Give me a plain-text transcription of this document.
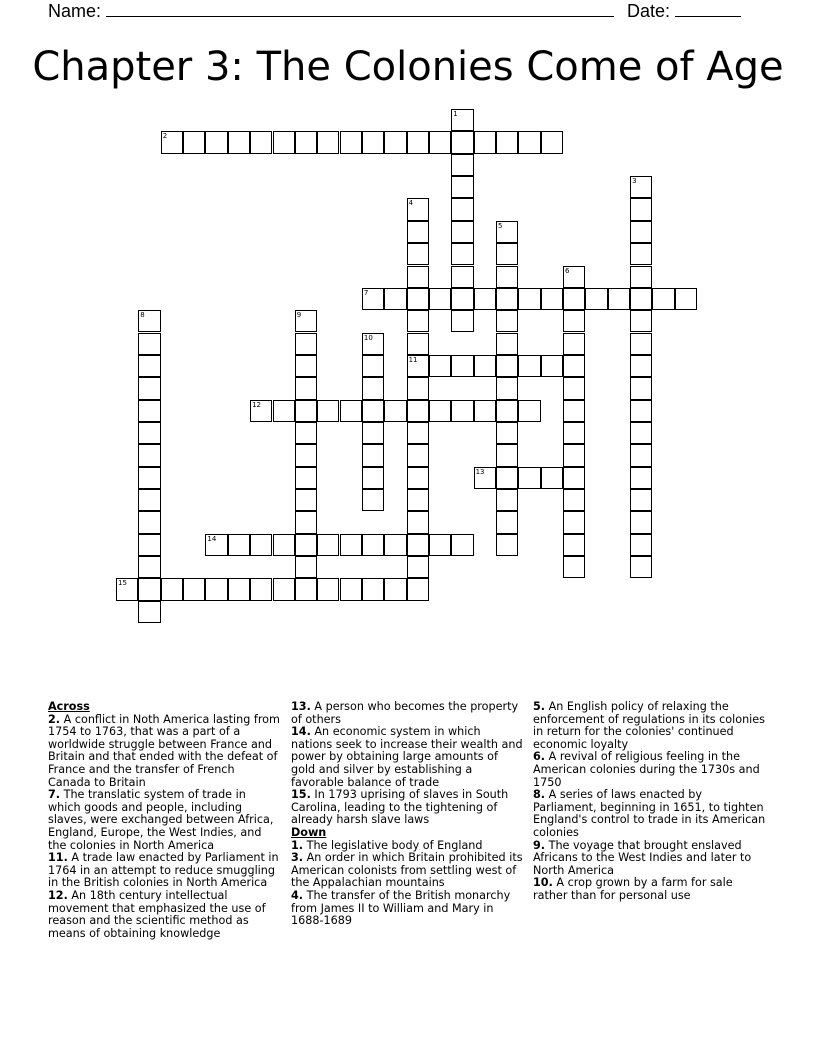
Name:	Date:
Chapter 3: The Colonies Come of Age
1
2
3
4
11
5
6
7
8	9
10
12
13
14
15
Across

2. A conflict in Noth America lasting from 1754 to 1763, that was a part of a worldwide struggle between France and Britain and that ended with the defeat of France and the transfer of French Canada to Britain

7. The translatic system of trade in which goods and people, including slaves, were exchanged between Africa, England, Europe, the West Indies, and the colonies in North America

11. A trade law enacted by Parliament in 1764 in an attempt to reduce smuggling in the British colonies in North America

12. An 18th century intellectual movement that emphasized the use of reason and the scientific method as means of obtaining knowledge

13. A person who becomes the property of others

14. An economic system in which nations seek to increase their wealth and power by obtaining large amounts of gold and silver by establishing a favorable balance of trade

15. In 1793 uprising of slaves in South Carolina, leading to the tightening of already harsh slave laws

Down

1. The legislative body of England

3. An order in which Britain prohibited its American colonists from settling west of the Appalachian mountains

4. The transfer of the British monarchy from James II to William and Mary in 1688-1689

5. An English policy of relaxing the enforcement of regulations in its colonies in return for the colonies' continued economic loyalty

6. A revival of religious feeling in the American colonies during the 1730s and 1750

8. A series of laws enacted by Parliament, beginning in 1651, to tighten England's control to trade in its American colonies

9. The voyage that brought enslaved Africans to the West Indies and later to North America

10. A crop grown by a farm for sale rather than for personal use
